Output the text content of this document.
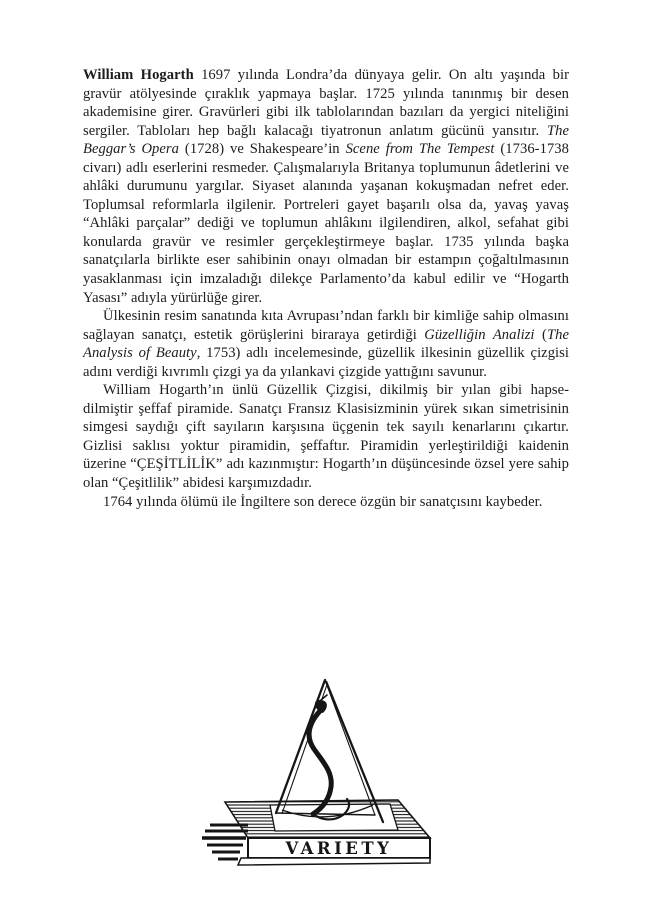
William Hogarth 1697 yılında Londra’da dünyaya gelir. On altı yaşında bir gravür atölyesinde çıraklık yapmaya başlar. 1725 yılında tanınmış bir desen akademisine girer. Gravürleri gibi ilk tablolarından bazıları da yergici niteliğini sergiler. Tabloları hep bağlı kalacağı tiyatronun anlatım gücünü yansıtır. The Beggar’s Opera (1728) ve Shakespeare’in Scene from The Tempest (1736-1738 civarı) adlı eserlerini resmeder. Çalışmalarıyla Britanya toplumunun âdetlerini ve ahlâki durumunu yargılar. Siyaset alanında yaşanan kokuşmadan nefret eder. Toplumsal reformlarla ilgilenir. Portreleri gayet başarılı olsa da, yavaş yavaş “Ahlâki parçalar” dediği ve toplumun ahlâkını ilgilendiren, alkol, sefahat gibi konularda gravür ve resimler gerçekleştirmeye başlar. 1735 yılında başka sanatçılarla birlikte eser sahibinin onayı olmadan bir estampın çoğaltılmasının yasaklanması için imzaladığı dilekçe Parlamento’da kabul edilir ve “Hogarth Yasası” adıyla yürürlüğe girer.

Ülkesinin resim sanatında kıta Avrupası’ndan farklı bir kimliğe sahip olmasını sağlayan sanatçı, estetik görüşlerini biraraya getirdiği Güzelliğin Analizi (The Analysis of Beauty, 1753) adlı incelemesinde, güzellik ilkesinin güzellik çizgisi adını verdiği kıvrımlı çizgi ya da yılankavi çizgide yattığını savunur.

William Hogarth’ın ünlü Güzellik Çizgisi, dikilmiş bir yılan gibi hapsedilmiştir şeffaf piramide. Sanatçı Fransız Klasisizminin yürek sıkan simetrisinin simgesi saydığı çift sayıların karşısına üçgenin tek sayılı kenarlarını çıkartır. Gizlisi saklısı yoktur piramidin, şeffaftır. Piramidin yerleştirildiği kaidenin üzerine “ÇEŞİTLİLİK” adı kazınmıştır: Hogarth’ın düşüncesinde özsel yere sahip olan “Çeşitlilik” abidesi karşımızdadır.

1764 yılında ölümü ile İngiltere son derece özgün bir sanatçısını kaybeder.

VARIETY
